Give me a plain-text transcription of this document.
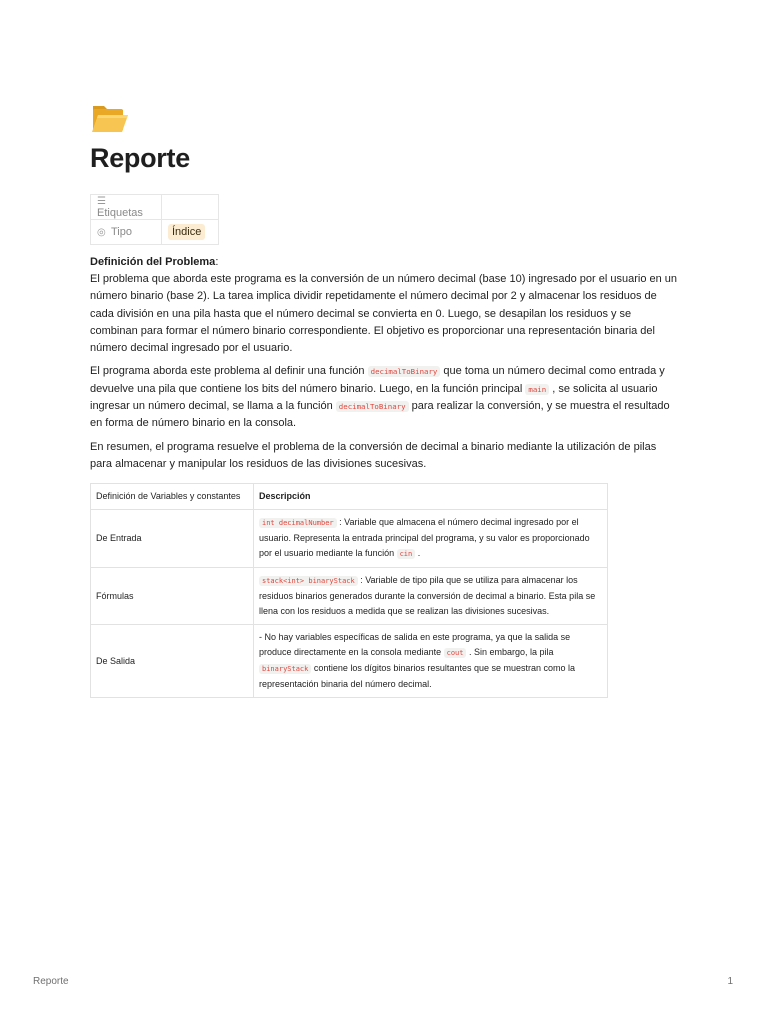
Reporte
☰Etiquetas	
◎ Tipo	Índice

Definición del Problema:
El problema que aborda este programa es la conversión de un número decimal (base 10) ingresado por el usuario en un número binario (base 2). La tarea implica dividir repetidamente el número decimal por 2 y almacenar los residuos de cada división en una pila hasta que el número decimal se convierta en 0. Luego, se desapilan los residuos y se combinan para formar el número binario correspondiente. El objetivo es proporcionar una representación binaria del número decimal ingresado por el usuario.

El programa aborda este problema al definir una función decimalToBinary que toma un número decimal como entrada y devuelve una pila que contiene los bits del número binario. Luego, en la función principal main , se solicita al usuario ingresar un número decimal, se llama a la función decimalToBinary para realizar la conversión, y se muestra el resultado en forma de número binario en la consola.

En resumen, el programa resuelve el problema de la conversión de decimal a binario mediante la utilización de pilas para almacenar y manipular los residuos de las divisiones sucesivas.

Definición de Variables y constantes	Descripción
De Entrada	int decimalNumber : Variable que almacena el número decimal ingresado por el usuario. Representa la entrada principal del programa, y su valor es proporcionado por el usuario mediante la función cin .
Fórmulas	stack<int> binaryStack : Variable de tipo pila que se utiliza para almacenar los residuos binarios generados durante la conversión de decimal a binario. Esta pila se llena con los residuos a medida que se realizan las divisiones sucesivas.
De Salida	- No hay variables específicas de salida en este programa, ya que la salida se produce directamente en la consola mediante cout . Sin embargo, la pila binaryStack contiene los dígitos binarios resultantes que se muestran como la representación binaria del número decimal.
Reporte	1
